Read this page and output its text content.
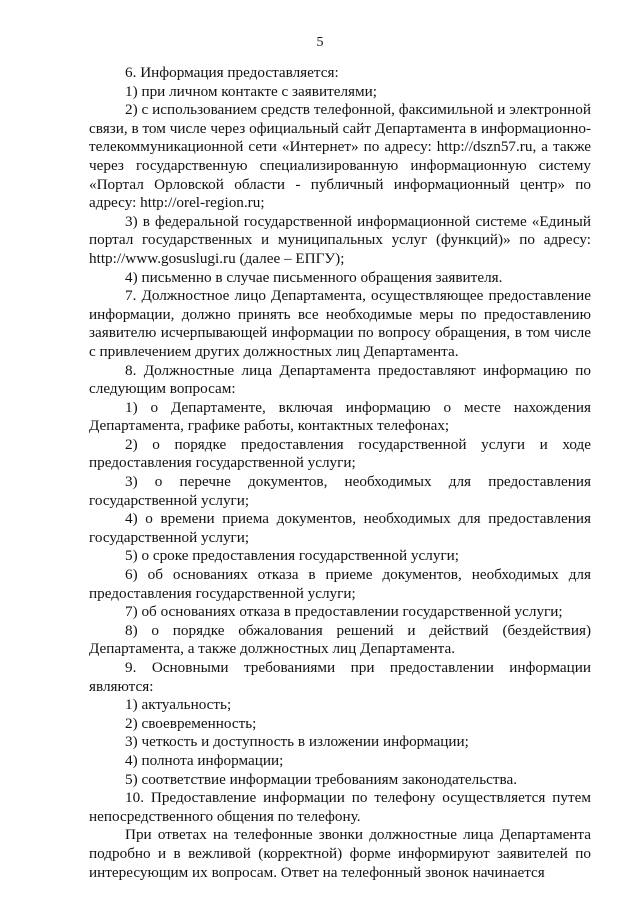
5

6. Информация предоставляется:

1) при личном контакте с заявителями;

2) с использованием средств телефонной, факсимильной и электронной связи, в том числе через официальный сайт Департамента в информационно-телекоммуникационной сети «Интернет» по адресу: http://dszn57.ru, а также через государственную специализированную информационную систему «Портал Орловской области - публичный информационный центр» по адресу: http://orel-region.ru;

3) в федеральной государственной информационной системе «Единый портал государственных и муниципальных услуг (функций)» по адресу: http://www.gosuslugi.ru (далее – ЕПГУ);

4) письменно в случае письменного обращения заявителя.

7. Должностное лицо Департамента, осуществляющее предоставление информации, должно принять все необходимые меры по предоставлению заявителю исчерпывающей информации по вопросу обращения, в том числе с привлечением других должностных лиц Департамента.

8. Должностные лица Департамента предоставляют информацию по следующим вопросам:

1) о Департаменте, включая информацию о месте нахождения Департамента, графике работы, контактных телефонах;

2) о порядке предоставления государственной услуги и ходе предоставления государственной услуги;

3) о перечне документов, необходимых для предоставления государственной услуги;

4) о времени приема документов, необходимых для предоставления государственной услуги;

5) о сроке предоставления государственной услуги;

6) об основаниях отказа в приеме документов, необходимых для предоставления государственной услуги;

7) об основаниях отказа в предоставлении государственной услуги;

8) о порядке обжалования решений и действий (бездействия) Департамента, а также должностных лиц Департамента.

9. Основными требованиями при предоставлении информации являются:

1) актуальность;

2) своевременность;

3) четкость и доступность в изложении информации;

4) полнота информации;

5) соответствие информации требованиям законодательства.

10. Предоставление информации по телефону осуществляется путем непосредственного общения по телефону.

При ответах на телефонные звонки должностные лица Департамента подробно и в вежливой (корректной) форме информируют заявителей по интересующим их вопросам. Ответ на телефонный звонок начинается
